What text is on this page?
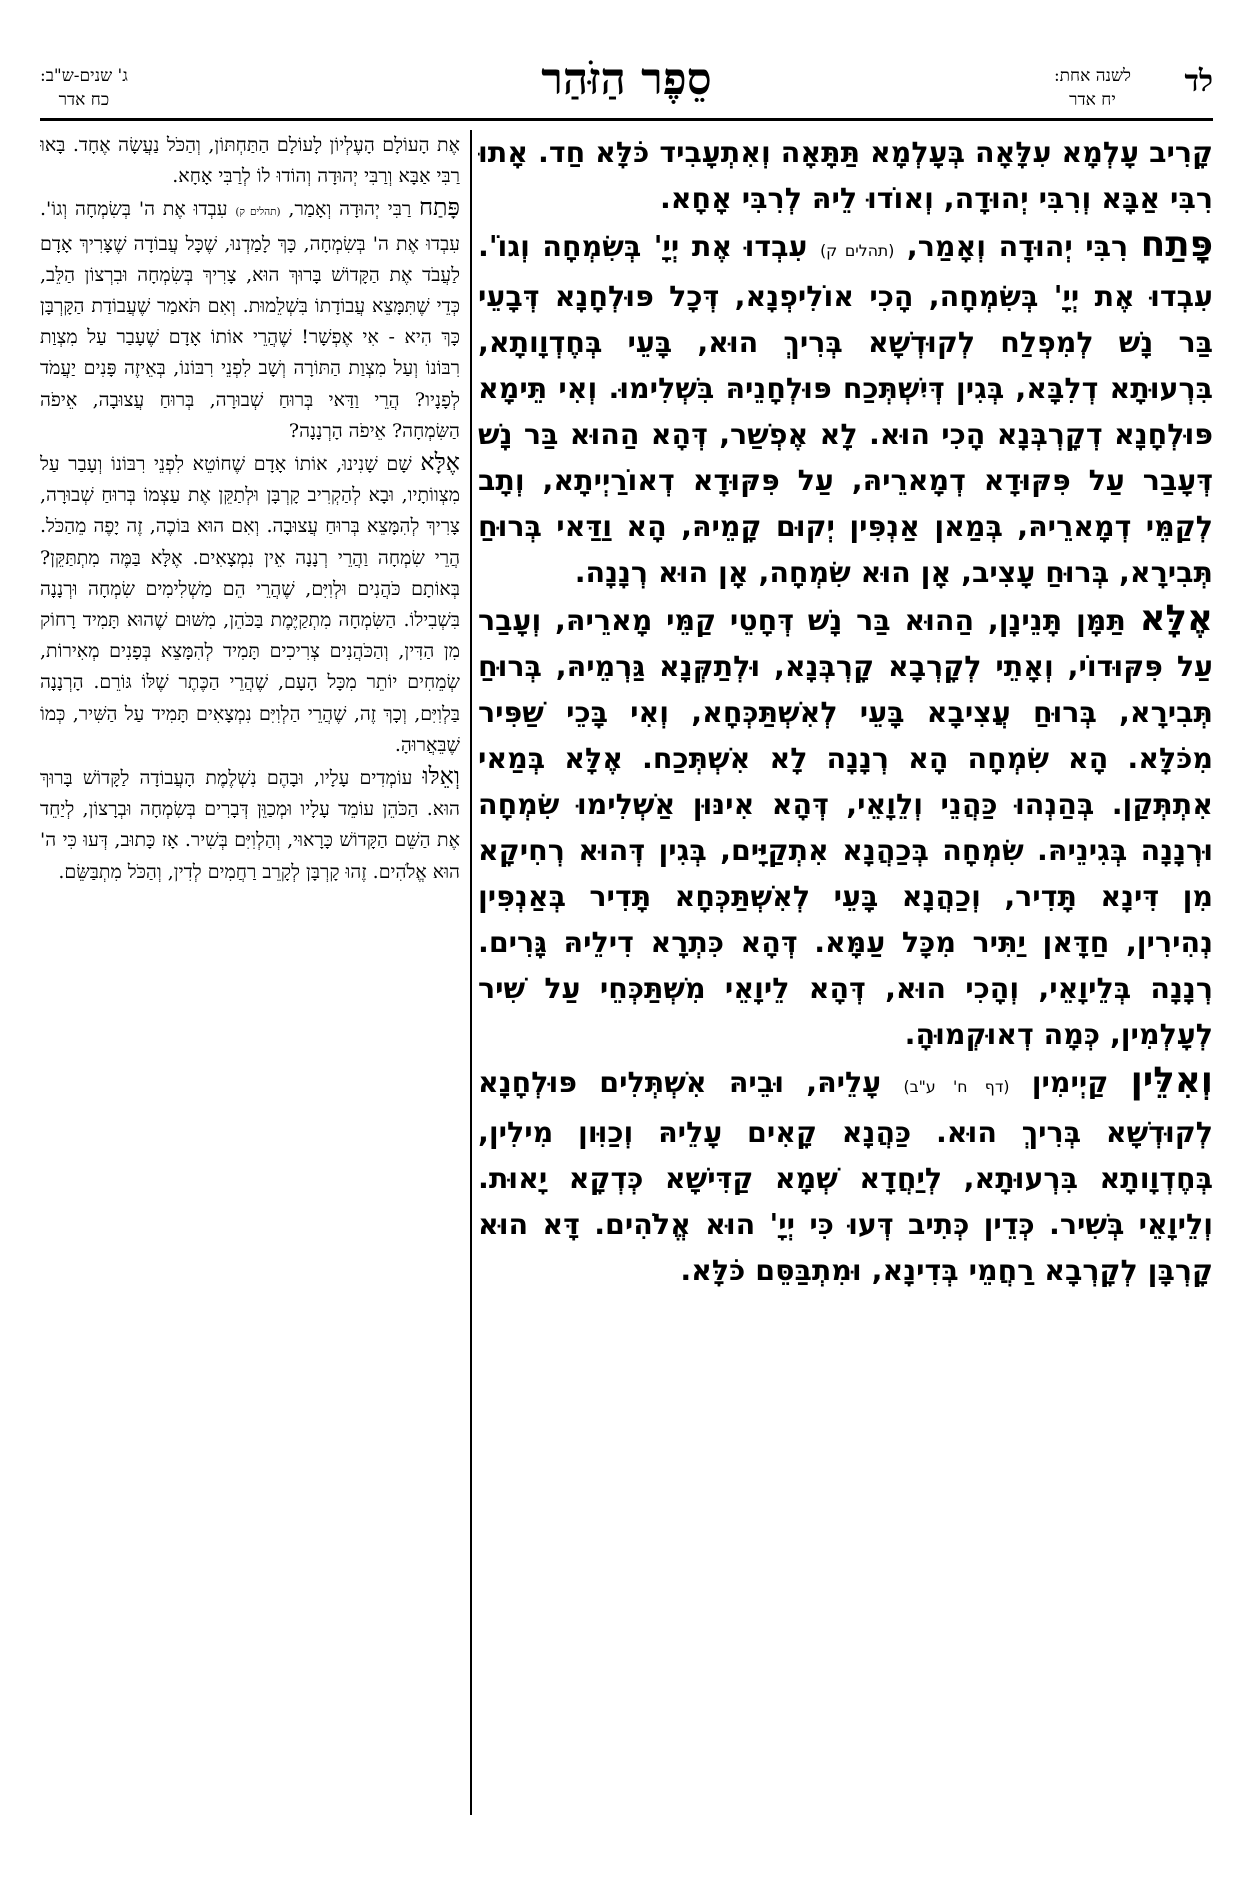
לד
לשנה אחת:
יח אדר
סֵפֶר הַזֹּהַר
ג' שנים-ש"ב:
כח אדר

קָרִיב עָלְמָא עִלָּאָה בְּעָלְמָא תַּתָּאָה וְאִתְעָבִיד כֹּלָּא חַד. אָתוּ רִבִּי אַבָּא וְרִבִּי יְהוּדָה, וְאוֹדוּ לֵיהּ לְרִבִּי אָחָא.

פָּתַח רִבִּי יְהוּדָה וְאָמַר, (תהלים ק) עִבְדוּ אֶת יְיָ' בְּשִׂמְחָה וְגוֹ'. עִבְדוּ אֶת יְיָ' בְּשִׂמְחָה, הָכִי אוֹלִיפְנָא, דְּכָל פּוּלְחָנָא דְּבָעֵי בַּר נָשׁ לְמִפְלַח לְקוּדְשָׁא בְּרִיךְ הוּא, בָּעֵי בְּחֶדְוָותָא, בִּרְעוּתָא דְלִבָּא, בְּגִין דְּיִשְׁתְּכַח פּוּלְחָנֵיהּ בִּשְׁלִימוּ. וְאִי תֵּימָא פּוּלְחָנָא דְקָרְבְּנָא הָכִי הוּא. לָא אֶפְשַׁר, דְּהָא הַהוּא בַּר נָשׁ דְּעָבַר עַל פִּקּוּדָא דְמָארֵיהּ, עַל פִּקּוּדָא דְאוֹרַיְיתָא, וְתָב לְקַמֵּי דְמָארֵיהּ, בְּמַאן אַנְפִּין יְקוּם קָמֵיהּ, הָא וַדַּאי בְּרוּחַ תְּבִירָא, בְּרוּחַ עָצִיב, אָן הוּא שִׂמְחָה, אָן הוּא רְנָנָה.

אֶלָּא תַּמָּן תָּנֵינָן, הַהוּא בַּר נָשׁ דְּחָטֵי קַמֵּי מָארֵיהּ, וְעָבַר עַל פִּקּוּדוֹי, וְאָתֵי לְקָרְבָא קָרְבְּנָא, וּלְתַקְּנָא גַּרְמֵיהּ, בְּרוּחַ תְּבִירָא, בְּרוּחַ עֲצִיבָא בָּעֵי לְאִשְׁתַּכְּחָא, וְאִי בָּכֵי שַׁפִּיר מִכֹּלָּא. הָא שִׂמְחָה הָא רְנָנָה לָא אִשְׁתְּכַח. אֶלָּא בְּמַאי אִתְתְּקַן. בְּהַנְהוּ כַּהֲנֵי וְלֵוָאֵי, דְּהָא אִינּוּן אַשְׁלִימוּ שִׂמְחָה וּרְנָנָה בְּגִינֵיהּ. שִׂמְחָה בְּכַהֲנָא אִתְקַיָּים, בְּגִין דְּהוּא רְחִיקָא מִן דִּינָא תָּדִיר, וְכַהֲנָא בָּעֵי לְאִשְׁתַּכְּחָא תָּדִיר בְּאַנְפִּין נְהִירִין, חַדָּאן יַתִּיר מִכָּל עַמָּא. דְּהָא כִּתְרָא דִילֵיהּ גָּרִים. רְנָנָה בְּלֵיוָאֵי, וְהָכִי הוּא, דְּהָא לֵיוָאֵי מִשְׁתַּכְּחֵי עַל שִׁיר לְעָלְמִין, כְּמָה דְאוּקְמוּהָ.

וְאִלֵּין קַיְימִין (דף ח' ע"ב) עָלֵיהּ, וּבֵיהּ אִשְׁתְּלִים פּוּלְחָנָא לְקוּדְשָׁא בְּרִיךְ הוּא. כַּהֲנָא קָאִים עָלֵיהּ וְכַוִּון מִילִין, בְּחֶדְוָותָא בִּרְעוּתָא, לְיַחֲדָא שְׁמָא קַדִּישָׁא כְּדְקָא יָאוּת. וְלֵיוָאֵי בְּשִׁיר. כְּדֵין כְּתִיב דְּעוּ כִּי יְיָ' הוּא אֱלֹהִים. דָּא הוּא קָרְבָּן לְקָרְבָא רַחֲמֵי בְּדִינָא, וּמִתְבַּסֵּם כֹּלָּא.

אֶת הָעוֹלָם הָעֶלְיוֹן לָעוֹלָם הַתַּחְתּוֹן, וְהַכֹּל נַעֲשָׂה אֶחָד. בָּאוּ רַבִּי אַבָּא וְרַבִּי יְהוּדָה וְהוֹדוּ לוֹ לְרַבִּי אָחָא.

פָּתַח רַבִּי יְהוּדָה וְאָמַר, (תהלים ק) עִבְדוּ אֶת ה' בְּשִׂמְחָה וְגוֹ'. עִבְדוּ אֶת ה' בְּשִׂמְחָה, כָּךְ לָמַדְנוּ, שֶׁכָּל עֲבוֹדָה שֶׁצָּרִיךְ אָדָם לַעֲבֹד אֶת הַקָּדוֹשׁ בָּרוּךְ הוּא, צָרִיךְ בְּשִׂמְחָה וּבִרְצוֹן הַלֵּב, כְּדֵי שֶׁתִּמָּצֵא עֲבוֹדָתוֹ בִּשְׁלֵמוּת. וְאִם תֹּאמַר שֶׁעֲבוֹדַת הַקָּרְבָּן כָּךְ הִיא - אִי אֶפְשָׁר! שֶׁהֲרֵי אוֹתוֹ אָדָם שֶׁעָבַר עַל מִצְוַת רִבּוֹנוֹ וְעַל מִצְוַת הַתּוֹרָה וְשָׁב לִפְנֵי רִבּוֹנוֹ, בְּאֵיזֶה פָּנִים יַעֲמֹד לְפָנָיו? הֲרֵי וַדַּאי בְּרוּחַ שְׁבוּרָה, בְּרוּחַ עֲצוּבָה, אֵיפֹה הַשִּׂמְחָה? אֵיפֹה הָרְנָנָה?

אֶלָּא שָׁם שָׁנִינוּ, אוֹתוֹ אָדָם שֶׁחוֹטֵא לִפְנֵי רִבּוֹנוֹ וְעָבַר עַל מִצְווֹתָיו, וּבָא לְהַקְרִיב קָרְבָּן וּלְתַקֵּן אֶת עַצְמוֹ בְּרוּחַ שְׁבוּרָה, צָרִיךְ לְהִמָּצֵא בְּרוּחַ עֲצוּבָה. וְאִם הוּא בּוֹכֶה, זֶה יָפֶה מֵהַכֹּל. הֲרֵי שִׂמְחָה וַהֲרֵי רְנָנָה אֵין נִמְצָאִים. אֶלָּא בַּמֶּה מִתְתַּקֵּן? בְּאוֹתָם כֹּהֲנִים וּלְוִיִּם, שֶׁהֲרֵי הֵם מַשְׁלִימִים שִׂמְחָה וּרְנָנָה בִּשְׁבִילוֹ. הַשִּׂמְחָה מִתְקַיֶּמֶת בַּכֹּהֵן, מִשּׁוּם שֶׁהוּא תָּמִיד רָחוֹק מִן הַדִּין, וְהַכֹּהֲנִים צְרִיכִים תָּמִיד לְהִמָּצֵא בְּפָנִים מְאִירוֹת, שְׂמֵחִים יוֹתֵר מִכָּל הָעָם, שֶׁהֲרֵי הַכֶּתֶר שֶׁלּוֹ גּוֹרֵם. הָרְנָנָה בַּלְוִיִּם, וְכָךְ זֶה, שֶׁהֲרֵי הַלְוִיִּם נִמְצָאִים תָּמִיד עַל הַשִּׁיר, כְּמוֹ שֶׁבֵּאֲרוּהָ.

וְאֵלּוּ עוֹמְדִים עָלָיו, וּבָהֶם נִשְׁלֶמֶת הָעֲבוֹדָה לַקָּדוֹשׁ בָּרוּךְ הוּא. הַכֹּהֵן עוֹמֵד עָלָיו וּמְכַוֵּן דְּבָרִים בְּשִׂמְחָה וּבְרָצוֹן, לְיַחֵד אֶת הַשֵּׁם הַקָּדוֹשׁ כָּרָאוּי, וְהַלְוִיִּם בְּשִׁיר. אָז כָּתוּב, דְּעוּ כִּי ה' הוּא אֱלֹהִים. זֶהוּ קָרְבָּן לְקָרֵב רַחֲמִים לְדִין, וְהַכֹּל מִתְבַּשֵּׂם.
